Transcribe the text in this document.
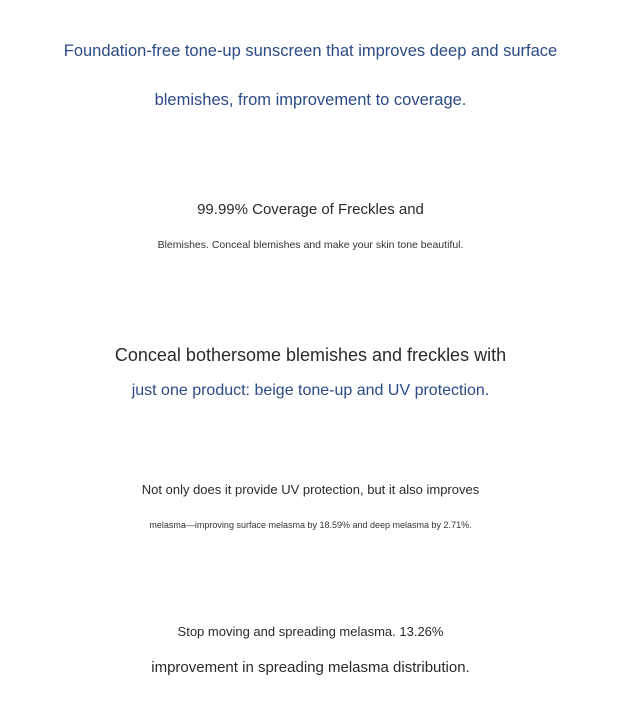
Foundation-free tone-up sunscreen that improves deep and surface
blemishes, from improvement to coverage.
99.99% Coverage of Freckles and
Blemishes. Conceal blemishes and make your skin tone beautiful.
Conceal bothersome blemishes and freckles with
just one product: beige tone-up and UV protection.
Not only does it provide UV protection, but it also improves
melasma—improving surface melasma by 18.59% and deep melasma by 2.71%.
Stop moving and spreading melasma. 13.26%
improvement in spreading melasma distribution.
